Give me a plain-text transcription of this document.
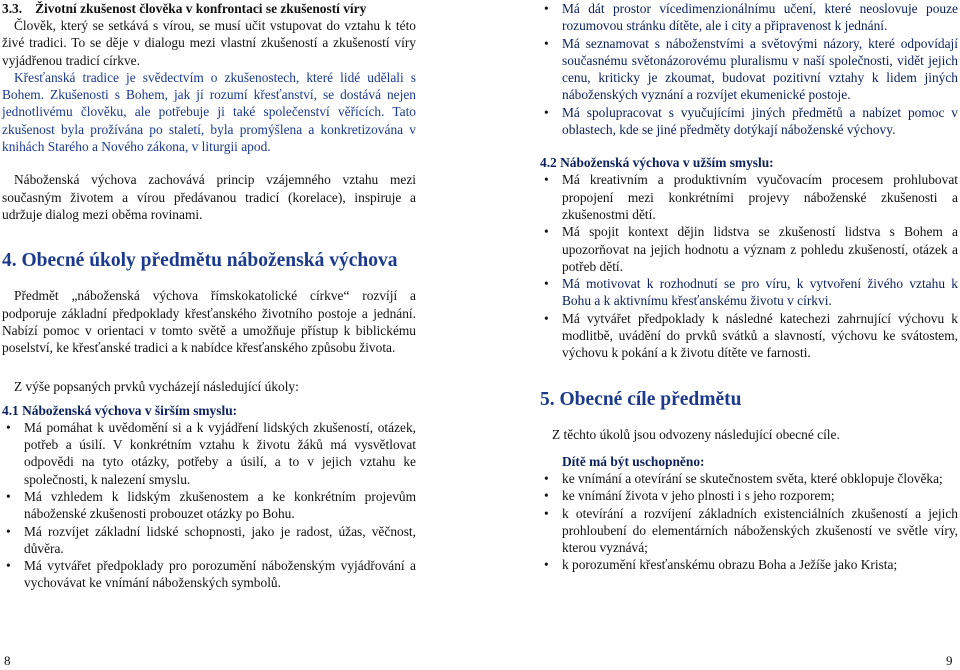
3.3. Životní zkušenost člověka v konfrontaci se zkušeností víry

Člověk, který se setkává s vírou, se musí učit vstupovat do vztahu k této živé tradici. To se děje v dialogu mezi vlastní zkušeností a zkušeností víry vyjádřenou tradicí církve.

Křesťanská tradice je svědectvím o zkušenostech, které lidé udělali s Bohem. Zkušenosti s Bohem, jak jí rozumí křesťanství, se dostává nejen jednotlivému člověku, ale potřebuje ji také společenství věřících. Tato zkušenost byla prožívána po staletí, byla promýšlena a konkretizována v knihách Starého a Nového zákona, v liturgii apod.

Náboženská výchova zachovává princip vzájemného vztahu mezi současným životem a vírou předávanou tradicí (korelace), inspiruje a udržuje dialog mezi oběma rovinami.

4. Obecné úkoly předmětu náboženská výchova

Předmět „náboženská výchova římskokatolické církve“ rozvíjí a podporuje základní předpoklady křesťanského životního postoje a jednání. Nabízí pomoc v orientaci v tomto světě a umožňuje přístup k biblickému poselství, ke křesťanské tradici a k nabídce křesťanského způsobu života.

Z výše popsaných prvků vycházejí následující úkoly:

4.1 Náboženská výchova v širším smyslu:

• Má pomáhat k uvědomění si a k vyjádření lidských zkušeností, otázek, potřeb a úsilí. V konkrétním vztahu k životu žáků má vysvětlovat odpovědi na tyto otázky, potřeby a úsilí, a to v jejich vztahu ke společnosti, k nalezení smyslu.
• Má vzhledem k lidským zkušenostem a ke konkrétním projevům náboženské zkušenosti probouzet otázky po Bohu.
• Má rozvíjet základní lidské schopnosti, jako je radost, úžas, věčnost, důvěra.
• Má vytvářet předpoklady pro porozumění náboženským vyjádřování a vychovávat ke vnímání náboženských symbolů.
• Má dát prostor vícedimenzionálnímu učení, které neoslovuje pouze rozumovou stránku dítěte, ale i city a připravenost k jednání.
• Má seznamovat s náboženstvími a světovými názory, které odpovídají současnému světonázorovému pluralismu v naší společnosti, vidět jejich cenu, kriticky je zkoumat, budovat pozitivní vztahy k lidem jiných náboženských vyznání a rozvíjet ekumenické postoje.
• Má spolupracovat s vyučujícími jiných předmětů a nabízet pomoc v oblastech, kde se jiné předměty dotýkají náboženské výchovy.

4.2 Náboženská výchova v užším smyslu:

• Má kreativním a produktivním vyučovacím procesem prohlubovat propojení mezi konkrétními projevy náboženské zkušenosti a zkušenostmi dětí.
• Má spojit kontext dějin lidstva se zkušeností lidstva s Bohem a upozorňovat na jejich hodnotu a význam z pohledu zkušeností, otázek a potřeb dětí.
• Má motivovat k rozhodnutí se pro víru, k vytvoření živého vztahu k Bohu a k aktivnímu křesťanskému životu v církvi.
• Má vytvářet předpoklady k následné katechezi zahrnující výchovu k modlitbě, uvádění do prvků svátků a slavností, výchovu ke svátostem, výchovu k pokání a k životu dítěte ve farnosti.

5. Obecné cíle předmětu

Z těchto úkolů jsou odvozeny následující obecné cíle.

Dítě má být uschopněno:

• ke vnímání a otevírání se skutečnostem světa, které obklopuje člověka;
• ke vnímání života v jeho plnosti i s jeho rozporem;
• k otevírání a rozvíjení základních existenciálních zkušeností a jejich prohloubení do elementárních náboženských zkušeností ve světle víry, kterou vyznává;
• k porozumění křesťanskému obrazu Boha a Ježíše jako Krista;
8	9
